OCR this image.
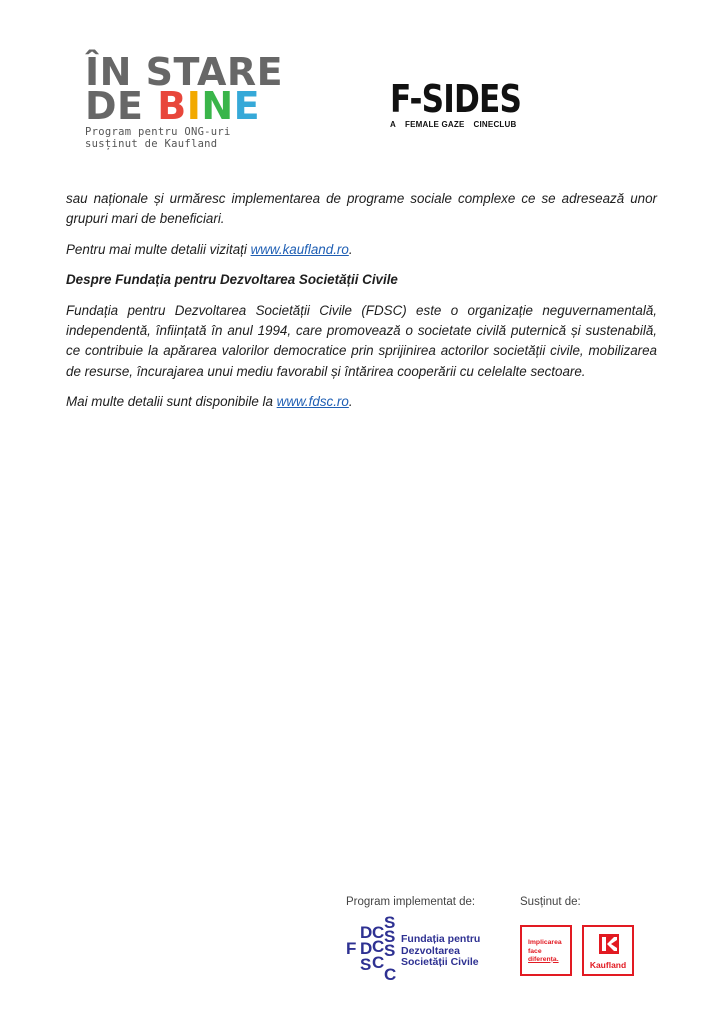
ÎN STARE
DE BINE
Program pentru ONG-uri
susținut de Kaufland
F-SIDES
A FEMALE GAZE CINECLUB

sau naționale și urmăresc implementarea de programe sociale complexe ce se adresează unor grupuri mari de beneficiari.

Pentru mai multe detalii vizitați www.kaufland.ro.

Despre Fundația pentru Dezvoltarea Societății Civile

Fundația pentru Dezvoltarea Societății Civile (FDSC) este o organizație neguvernamentală, independentă, înființată în anul 1994, care promovează o societate civilă puternică și sustenabilă, ce contribuie la apărarea valorilor democratice prin sprijinirea actorilor societății civile, mobilizarea de resurse, încurajarea unui mediu favorabil și întărirea cooperării cu celelalte sectoare.

Mai multe detalii sunt disponibile la www.fdsc.ro.

Program implementat de:	Susținut de:
S
C
D S
C
F D S
C
S
C
Fundația pentru
Dezvoltarea
Societății Civile
Implicarea
face
diferența.
Kaufland
